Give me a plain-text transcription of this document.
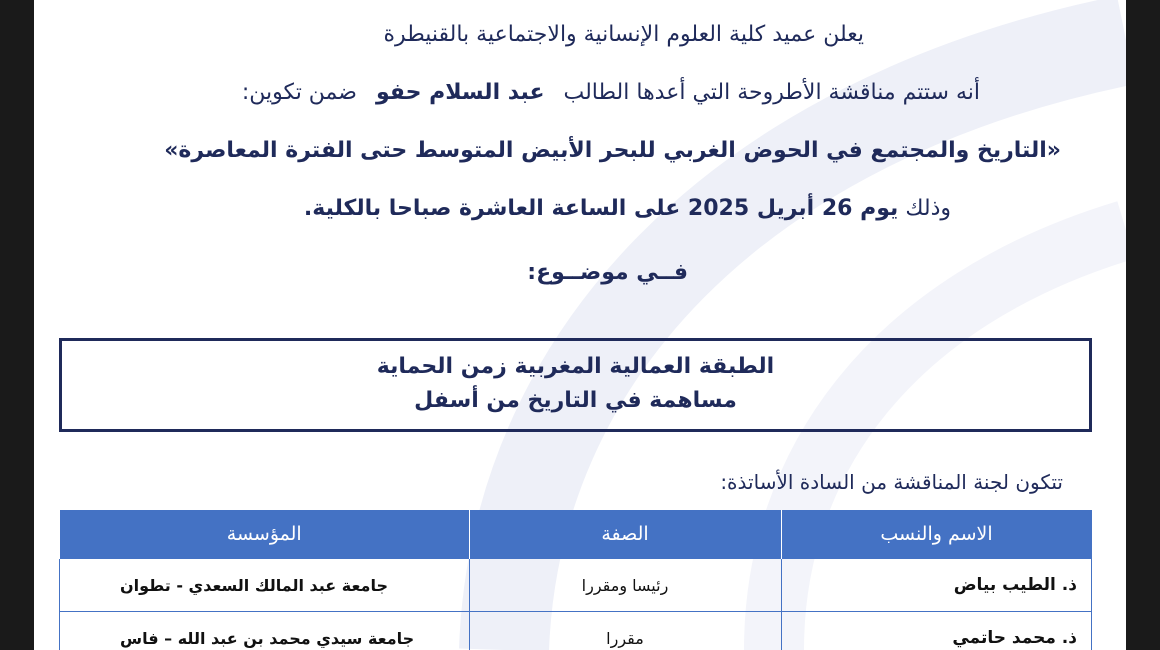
يعلن عميد كلية العلوم الإنسانية والاجتماعية بالقنيطرة
أنه ستتم مناقشة الأطروحة التي أعدها الطالب عبد السلام حفو ضمن تكوين:
«التاريخ والمجتمع في الحوض الغربي للبحر الأبيض المتوسط حتى الفترة المعاصرة»
وذلك يوم 26 أبريل 2025 على الساعة العاشرة صباحا بالكلية.
فــي موضــوع:
الطبقة العمالية المغربية زمن الحماية
مساهمة في التاريخ من أسفل
تتكون لجنة المناقشة من السادة الأساتذة:
الاسم والنسب	الصفة	المؤسسة
ذ. الطيب بياض	رئيسا ومقررا	جامعة عبد المالك السعدي - تطوان
ذ. محمد حاتمي	مقررا	جامعة سيدي محمد بن عبد الله – فاس
